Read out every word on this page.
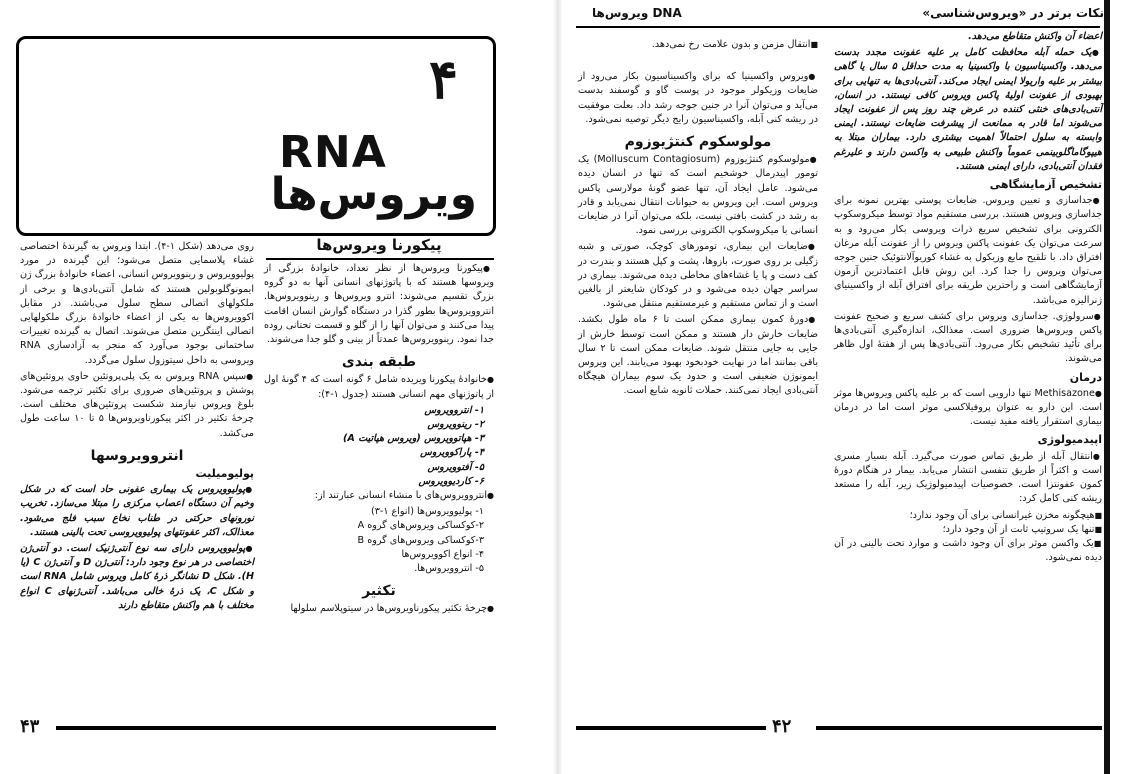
۴
RNA
ویروس‌ها
پیکورنا ویروس‌ها

● پیکورنا ویروس‌ها از نظر تعداد، خانوادهٔ بزرگی از ویروسها هستند که با پاتوژنهای انسانی آنها به دو گروه بزرگ تقسیم می‌شوند: انترو ویروس‌ها و رینوویروس‌ها. انتروویروس‌ها بطور گذرا در دستگاه گوارش انسان اقامت پیدا می‌کنند و می‌توان آنها را از گلو و قسمت تحتانی روده جدا نمود. رینوویروس‌ها عمدتاً از بینی و گلو جدا می‌شوند.

طبقه بندی

● خانوادهٔ پیکورنا ویریده شامل ۶ گونه است که ۴ گونهٔ اول از پاتوژنهای مهم انسانی هستند (جدول ۱-۴):

۱- انتروویروس
۲- رینوویروس
۳- هپاتوویروس (ویروس هپاتیت A)
۴- پاراکوویروس
۵- آفتوویروس
۶- کاردیوویروس

● انتروویروس‌های با منشاء انسانی عبارتند از:

۱- پولیوویروس‌ها (انواع ۱-۳)
۲-کوکساکی ویروس‌های گروه A
۳-کوکساکی ویروس‌های گروه B
۴- انواع اکوویروس‌ها
۵- انتروویروس‌ها.
تکثیر

● چرخهٔ تکثیر پیکورناویروس‌ها در سیتوپلاسم سلولها

روی می‌دهد (شکل ۱-۴). ابتدا ویروس به گیرندهٔ اختصاصی غشاء پلاسمایی متصل می‌شود؛ این گیرنده در مورد پولیوویروس و رینوویروس انسانی، اعضاء خانوادهٔ بزرگ ژن ایمونوگلوبولین هستند که شامل آنتی‌بادی‌ها و برخی از ملکولهای اتصالی سطح سلول می‌باشند. در مقابل اکوویروس‌ها به یکی از اعضاء خانوادهٔ بزرگ ملکولهایی اتصالی اینتگرین متصل می‌شوند. اتصال به گیرنده تغییرات ساختمانی بوجود می‌آورد که منجر به آزادسازی RNA ویروسی به داخل سیتوزول سلول می‌گردد.

● سپس RNA ویروس به یک پلی‌پروتئین حاوی پروتئین‌های پوشش و پروتئین‌های ضروری برای تکثیر ترجمه می‌شود. بلوغ ویروس نیازمند شکست پروتئین‌های مختلف است. چرخهٔ تکثیر در اکثر پیکورناویروس‌ها ۵ تا ۱۰ ساعت طول می‌کشد.

انتروویروسها
پولیومیلیت

● پولیوویروس یک بیماری عفونی حاد است که در شکل وخیم آن دستگاه اعصاب مرکزی را مبتلا می‌سازد. تخریب نورونهای حرکتی در طناب نخاع سبب فلج می‌شود. معذالک، اکثر عفونتهای پولیوویروسی تحت بالینی هستند.

● پولیوویروس دارای سه نوع آنتی‌ژنیک است. دو آنتی‌ژن اختصاصی در هر نوع وجود دارد: آنتی‌ژن D و آنتی‌ژن C (یا H). شکل D نشانگر ذرهٔ کامل ویروس شامل RNA است و شکل C، یک ذرهٔ خالی می‌باشد. آنتی‌ژنهای C انواع مختلف با هم واکنش متقاطع دارند

۴۳
نکات برتر در «ویروس‌شناسی»
DNA ویروس‌ها

اعضاء آن واکنش متقاطع می‌دهد.

● یک حمله آبله محافظت کامل بر علیه عفونت مجدد بدست می‌دهد. واکسیناسیون با واکسینیا به مدت حداقل ۵ سال یا گاهی بیشتر بر علیه واریولا ایمنی ایجاد می‌کند. آنتی‌بادی‌ها به تنهایی برای بهبودی از عفونت اولیهٔ پاکس ویروس کافی نیستند. در انسان، آنتی‌بادی‌های خنثی کننده در عرض چند روز پس از عفونت ایجاد می‌شوند اما قادر به ممانعت از پیشرفت ضایعات نیستند. ایمنی وابسته به سلول احتمالاً اهمیت بیشتری دارد. بیماران مبتلا به هیپوگاماگلوبینمی عموماً واکنش طبیعی به واکسن دارند و علیرغم فقدان آنتی‌بادی، دارای ایمنی هستند.

تشخیص آزمایشگاهی

● جداسازی و تعیین ویروس. ضایعات پوستی بهترین نمونه برای جداسازی ویروس هستند. بررسی مستقیم مواد توسط میکروسکوپ الکترونی برای تشخیص سریع ذرات ویروسی بکار می‌رود و به سرعت می‌توان یک عفونت پاکس ویروس را از عفونت آبله مرغان افتراق داد. با تلقیح مایع وزیکول به غشاء کوریوآلانتوئیک جنین جوجه می‌توان ویروس را جدا کرد. این روش قابل اعتمادترین آزمون آزمایشگاهی است و راحترین طریقه برای افتراق آبله از واکسینیای ژنرالیزه می‌باشد.

● سرولوژی. جداسازی ویروس برای کشف سریع و صحیح عفونت پاکس ویروس‌ها ضروری است. معذالک، اندازه‌گیری آنتی‌بادی‌ها برای تأئید تشخیص بکار می‌رود. آنتی‌بادی‌ها پس از هفتهٔ اول ظاهر می‌شوند.

درمان

● Methisazone تنها دارویی است که بر علیه پاکس ویروس‌ها موثر است. این دارو به عنوان پروفیلاکسی موثر است اما در درمان بیماری استقرار یافته مفید نیست.

اپیدمیولوژی

● انتقال آبله از طریق تماس صورت می‌گیرد. آبله بسیار مسری است و اکثراً از طریق تنفسی انتشار می‌یابد. بیمار در هنگام دورهٔ کمون عفونتزا است. خصوصیات اپیدمیولوژیک زیر، آبله را مستعد ریشه کنی کامل کرد:

■ هیچگونه مخزن غیرانسانی برای آن وجود ندارد؛
■ تنها یک سروتیپ ثابت از آن وجود دارد؛
■ یک واکسن موثر برای آن وجود داشت و موارد تحت بالینی در آن دیده نمی‌شود.

■ انتقال مزمن و بدون علامت رخ نمی‌دهد.

● ویروس واکسینیا که برای واکسیناسیون بکار می‌رود از ضایعات وزیکولر موجود در پوست گاو و گوسفند بدست می‌آید و می‌توان آنرا در جنین جوجه رشد داد. بعلت موفقیت در ریشه کنی آبله، واکسیناسیون رایج دیگر توصیه نمی‌شود.

مولوسکوم کنتژیوزوم

● مولوسکوم کنتژیوزوم (Molluscum Contagiosum) یک تومور اپیدرمال خوشخیم است که تنها در انسان دیده می‌شود. عامل ایجاد آن، تنها عضو گونهٔ مولارسی پاکس ویروس است. این ویروس به حیوانات انتقال نمی‌یابد و قادر به رشد در کشت بافتی نیست، بلکه می‌توان آنرا در ضایعات انسانی با میکروسکوپ الکترونی بررسی نمود.

● ضایعات این بیماری، تومورهای کوچک، صورتی و شبه زگیلی بر روی صورت، بازوها، پشت و کپل هستند و بندرت در کف دست و پا یا غشاءهای مخاطی دیده می‌شوند. بیماری در سراسر جهان دیده می‌شود و در کودکان شایعتر از بالغین است و از تماس مستقیم و غیرمستقیم منتقل می‌شود.

● دورهٔ کمون بیماری ممکن است تا ۶ ماه طول بکشد. ضایعات خارش دار هستند و ممکن است توسط خارش از جایی به جایی منتقل شوند. ضایعات ممکن است تا ۲ سال باقی بمانند اما در نهایت خودبخود بهبود می‌یابند. این ویروس ایمونوژن ضعیفی است و حدود یک سوم بیماران هیچگاه آنتی‌بادی ایجاد نمی‌کنند. حملات ثانویه شایع است.

۴۲
